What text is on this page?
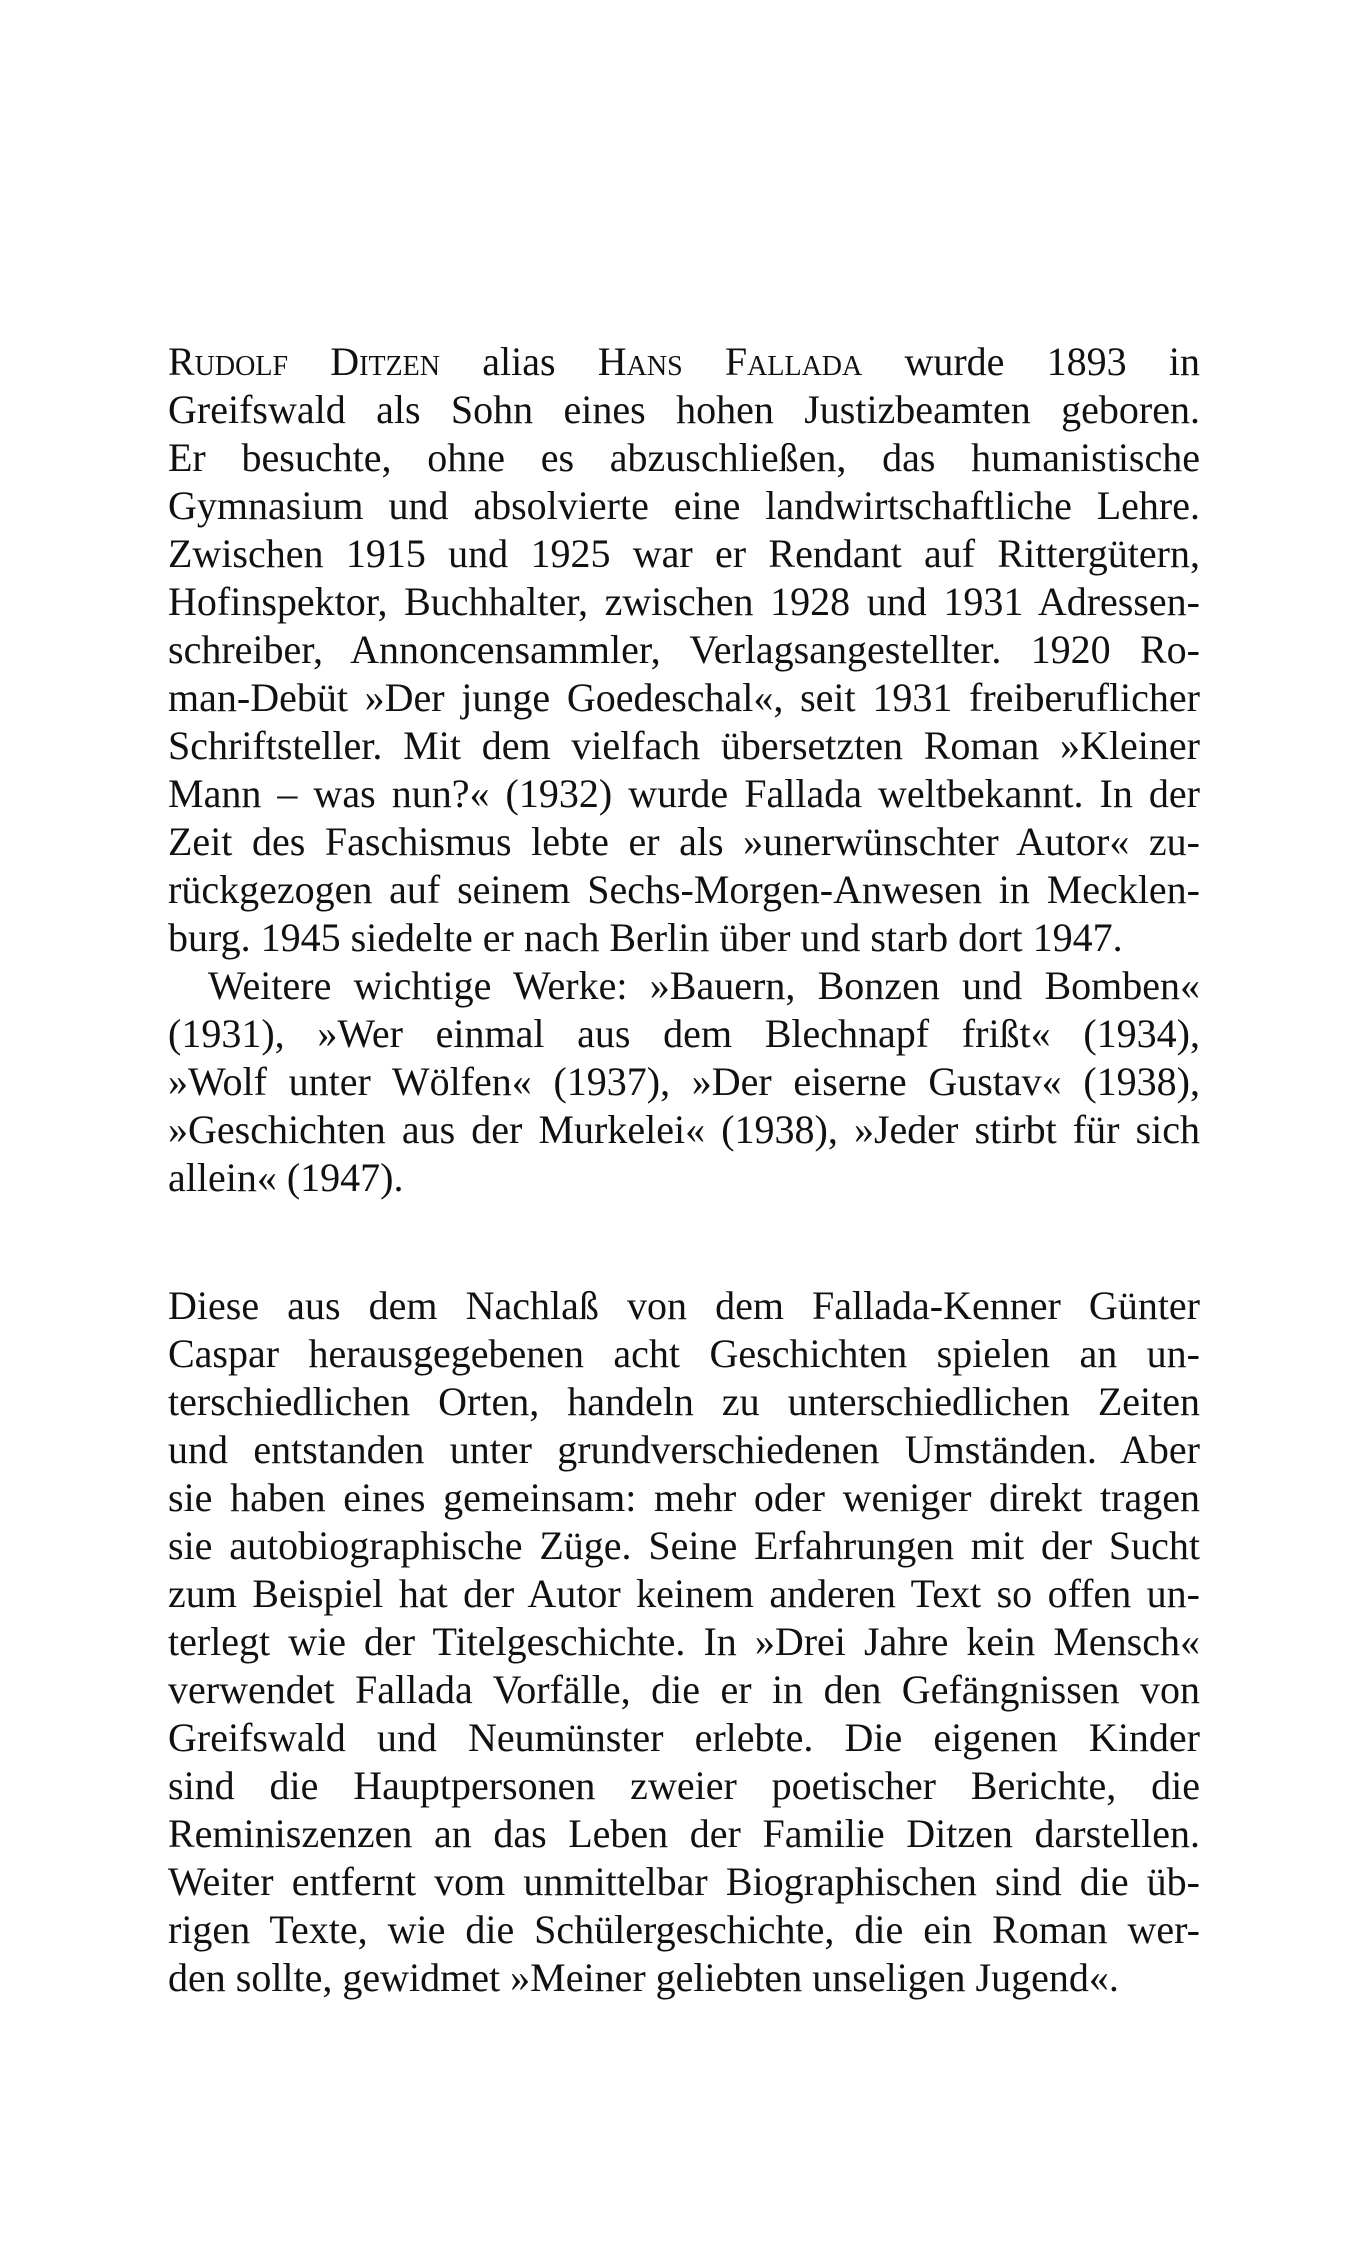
Rudolf Ditzen alias Hans Fallada wurde 1893 in
Greifswald als Sohn eines hohen Justizbeamten geboren.
Er besuchte, ohne es abzuschließen, das humanistische
Gymnasium und absolvierte eine landwirtschaftliche Lehre.
Zwischen 1915 und 1925 war er Rendant auf Rittergütern,
Hofinspektor, Buchhalter, zwischen 1928 und 1931 Adressen-
schreiber, Annoncensammler, Verlagsangestellter. 1920 Ro-
man-Debüt »Der junge Goedeschal«, seit 1931 freiberuflicher
Schriftsteller. Mit dem vielfach übersetzten Roman »Kleiner
Mann – was nun?« (1932) wurde Fallada weltbekannt. In der
Zeit des Faschismus lebte er als »unerwünschter Autor« zu-
rückgezogen auf seinem Sechs-Morgen-Anwesen in Mecklen-
burg. 1945 siedelte er nach Berlin über und starb dort 1947.
Weitere wichtige Werke: »Bauern, Bonzen und Bomben«
(1931), »Wer einmal aus dem Blechnapf frißt« (1934),
»Wolf unter Wölfen« (1937), »Der eiserne Gustav« (1938),
»Geschichten aus der Murkelei« (1938), »Jeder stirbt für sich
allein« (1947).
Diese aus dem Nachlaß von dem Fallada-Kenner Günter
Caspar herausgegebenen acht Geschichten spielen an un-
terschiedlichen Orten, handeln zu unterschiedlichen Zeiten
und entstanden unter grundverschiedenen Umständen. Aber
sie haben eines gemeinsam: mehr oder weniger direkt tragen
sie autobiographische Züge. Seine Erfahrungen mit der Sucht
zum Beispiel hat der Autor keinem anderen Text so offen un-
terlegt wie der Titelgeschichte. In »Drei Jahre kein Mensch«
verwendet Fallada Vorfälle, die er in den Gefängnissen von
Greifswald und Neumünster erlebte. Die eigenen Kinder
sind die Hauptpersonen zweier poetischer Berichte, die
Reminiszenzen an das Leben der Familie Ditzen darstellen.
Weiter entfernt vom unmittelbar Biographischen sind die üb-
rigen Texte, wie die Schülergeschichte, die ein Roman wer-
den sollte, gewidmet »Meiner geliebten unseligen Jugend«.
